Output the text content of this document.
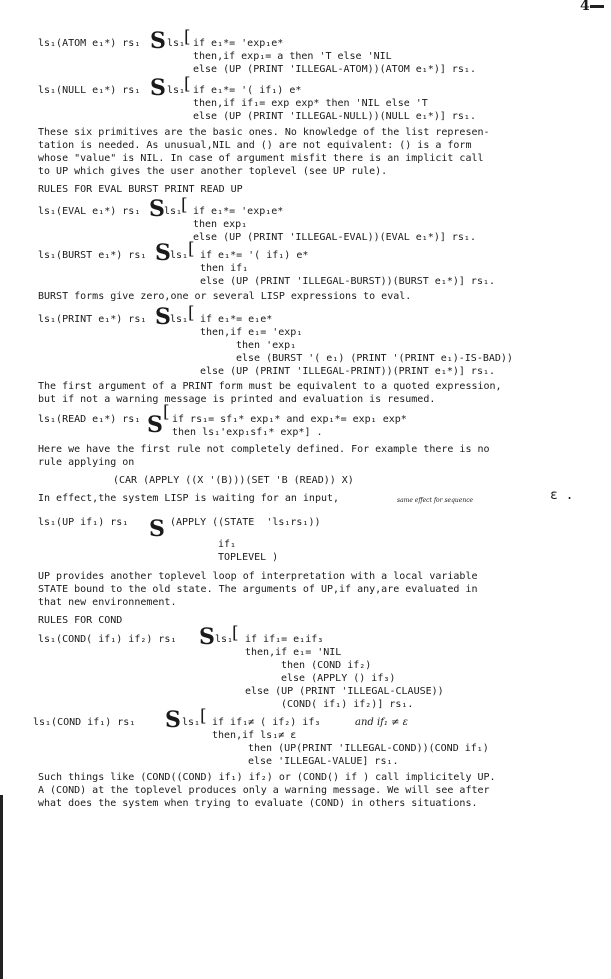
4
ls₁(ATOM e₁*) rs₁ S ls₁
[ if e₁*= 'exp₁e*
then,if exp₁= a then 'T else 'NIL
else (UP (PRINT 'ILLEGAL-ATOM))(ATOM e₁*)] rs₁.
ls₁(NULL e₁*) rs₁ S ls₁
[ if e₁*= '( if₁) e*
then,if if₁= exp exp* then 'NIL else 'T
else (UP (PRINT 'ILLEGAL-NULL))(NULL e₁*)] rs₁.
These six primitives are the basic ones. No knowledge of the list represen-
tation is needed. As unusual,NIL and () are not equivalent: () is a form
whose "value" is NIL. In case of argument misfit there is an implicit call
to UP which gives the user another toplevel (see UP rule).
RULES FOR EVAL BURST PRINT READ UP
ls₁(EVAL e₁*) rs₁ S ls₁
[ if e₁*= 'exp₁e*
then exp₁
else (UP (PRINT 'ILLEGAL-EVAL))(EVAL e₁*)] rs₁.
ls₁(BURST e₁*) rs₁ S ls₁ [ if e₁*= '( if₁) e*
then if₁
else (UP (PRINT 'ILLEGAL-BURST))(BURST e₁*)] rs₁.
BURST forms give zero,one or several LISP expressions to eval.
ls₁(PRINT e₁*) rs₁ S ls₁ [ if e₁*= e₁e*
then,if e₁= 'exp₁
then 'exp₁
else (BURST '( e₁) (PRINT '(PRINT e₁)-IS-BAD))
else (UP (PRINT 'ILLEGAL-PRINT))(PRINT e₁*)] rs₁.
The first argument of a PRINT form must be equivalent to a quoted expression,
but if not a warning message is printed and evaluation is resumed.
ls₁(READ e₁*) rs₁ S [ if rs₁= sf₁* exp₁* and exp₁*= exp₁ exp*
then ls₁'exp₁sf₁* exp*] .
Here we have the first rule not completely defined. For example there is no
rule applying on
(CAR (APPLY ((X '(B)))(SET 'B (READ)) X)
In effect,the system LISP is waiting for an input,	same effect for sequence	ε .
ls₁(UP if₁) rs₁ S (APPLY ((STATE  'ls₁rs₁))
if₁
TOPLEVEL )
UP provides another toplevel loop of interpretation with a local variable
STATE bound to the old state. The arguments of UP,if any,are evaluated in
that new environnement.
RULES FOR COND
ls₁(COND( if₁) if₂) rs₁ S ls₁
[ if if₁= e₁if₃
then,if e₁= 'NIL
then (COND if₂)
else (APPLY () if₃)
else (UP (PRINT 'ILLEGAL-CLAUSE))
(COND( if₁) if₂)] rs₁.
ls₁(COND if₁) rs₁ S ls₁ [ if if₁≠ ( if₂) if₃	and if₁ ≠ ε
then,if ls₁≠ ε
then (UP(PRINT 'ILLEGAL-COND))(COND if₁)
else 'ILLEGAL-VALUE] rs₁.
Such things like (COND((COND) if₁) if₂) or (COND() if ) call implicitely UP.
A (COND) at the toplevel produces only a warning message. We will see after
what does the system when trying to evaluate (COND) in others situations.
